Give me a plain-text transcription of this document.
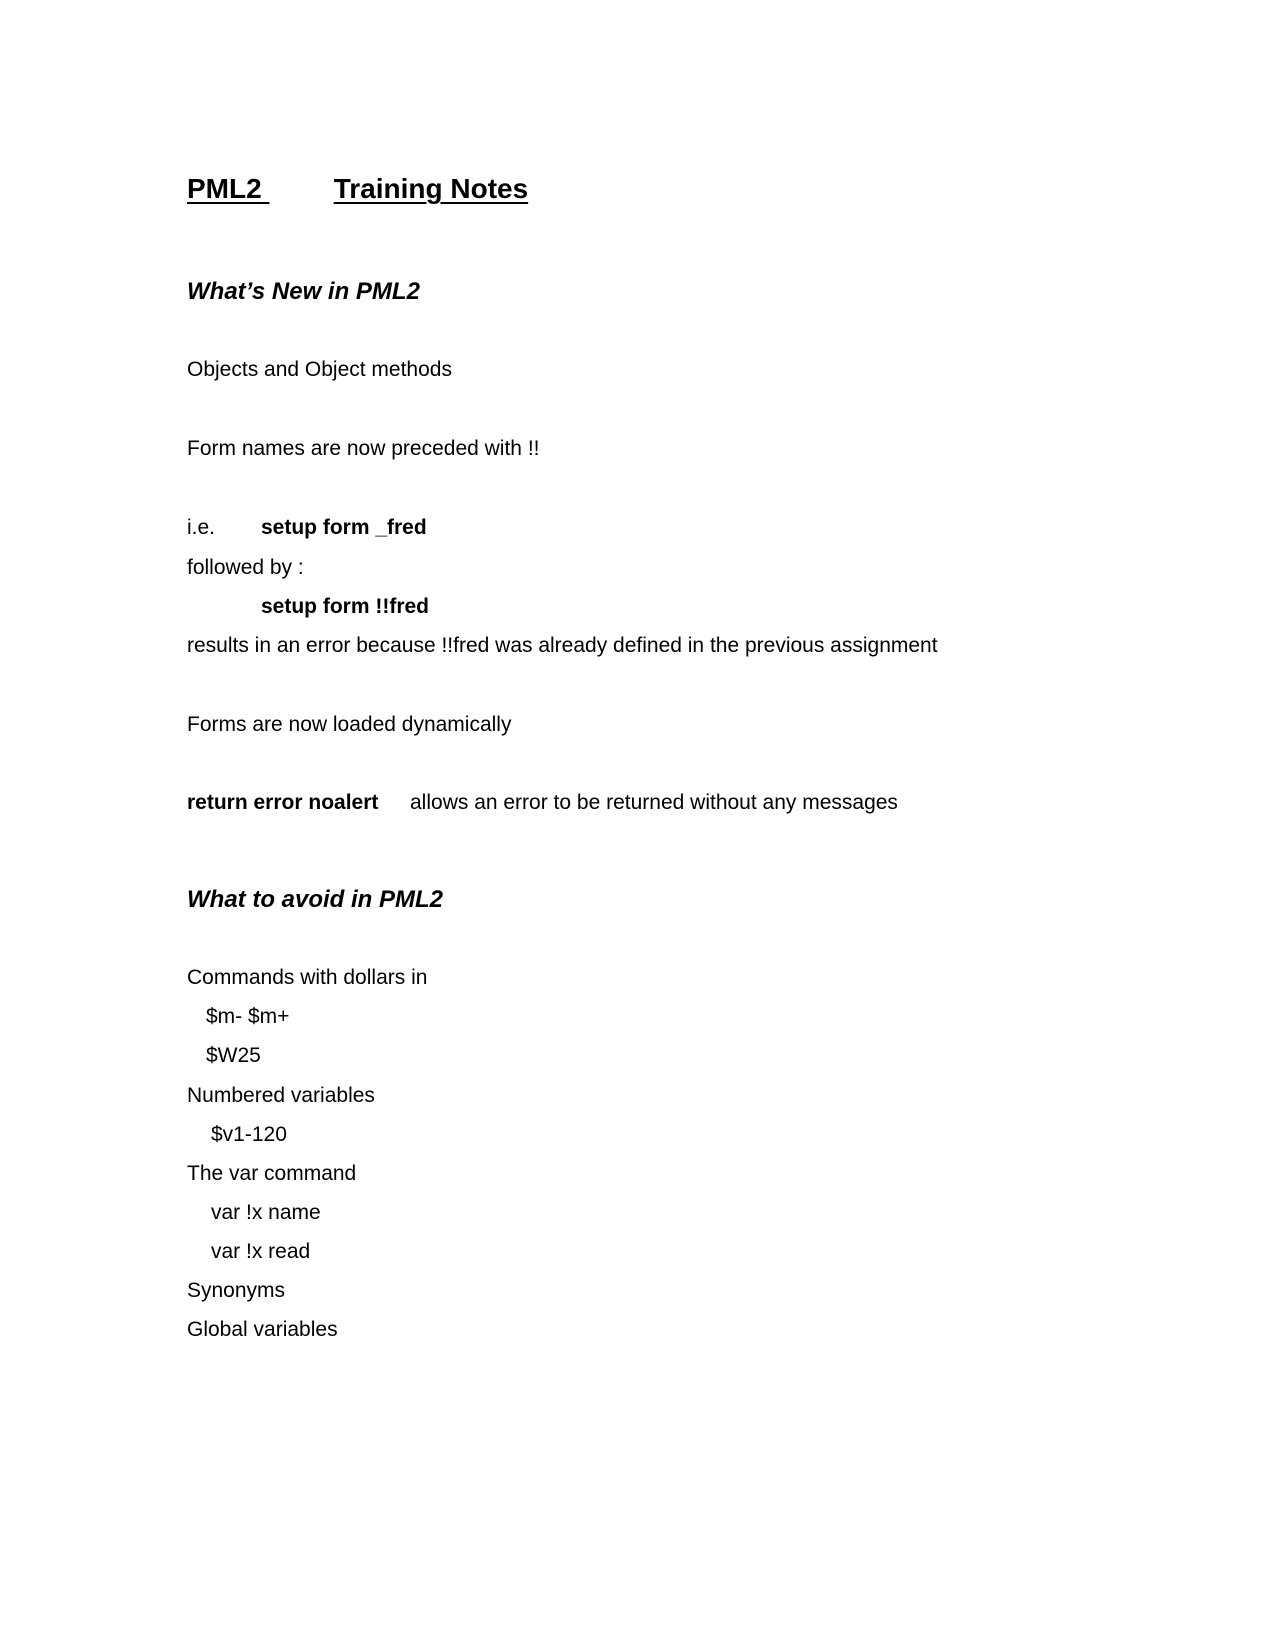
PML2	Training Notes
What’s New in PML2
Objects and Object methods
Form names are now preceded with !!
i.e. setup form _fred
followed by :
setup form !!fred
results in an error because !!fred was already defined in the previous assignment
Forms are now loaded dynamically
return error noalert allows an error to be returned without any messages
What to avoid in PML2
Commands with dollars in
$m- $m+
$W25
Numbered variables
$v1-120
The var command
var !x name
var !x read
Synonyms
Global variables
